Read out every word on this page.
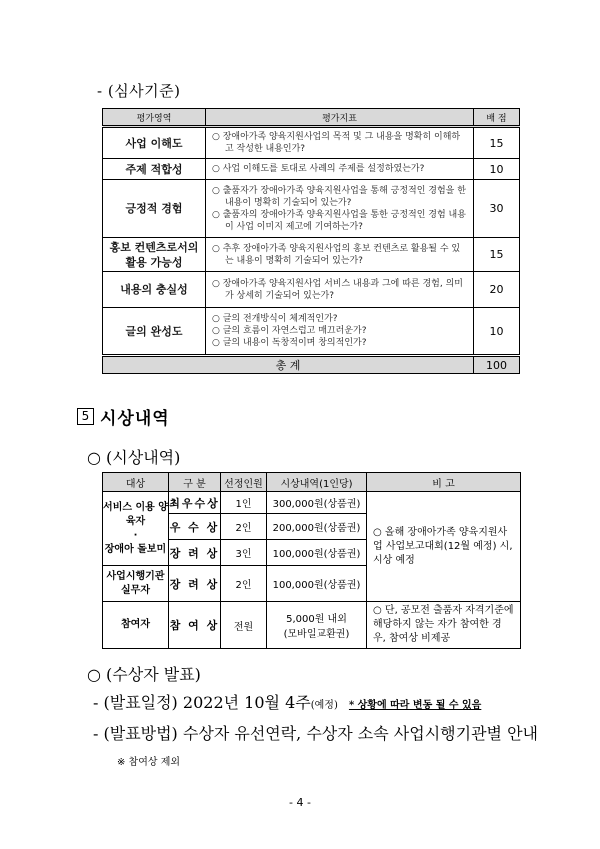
- (심사기준)
평가영역	평가지표	배 점
사업 이해도	○ 장애아가족 양육지원사업의 목적 및 그 내용을 명확히 이해하고 작성한 내용인가?	15
주제 적합성	○ 사업 이해도를 토대로 사례의 주제를 설정하였는가?	10
긍정적 경험	○ 출품자가 장애아가족 양육지원사업을 통해 긍정적인 경험을 한 내용이 명확히 기술되어 있는가?
○ 출품자의 장애아가족 양육지원사업을 통한 긍정적인 경험 내용이 사업 이미지 제고에 기여하는가?	30
홍보 컨텐츠로서의 활용 가능성	○ 추후 장애아가족 양육지원사업의 홍보 컨텐츠로 활용될 수 있는 내용이 명확히 기술되어 있는가?	15
내용의 충실성	○ 장애아가족 양육지원사업 서비스 내용과 그에 따른 경험, 의미가 상세히 기술되어 있는가?	20
글의 완성도	○ 글의 전개방식이 체계적인가?
○ 글의 흐름이 자연스럽고 매끄러운가?
○ 글의 내용이 독창적이며 창의적인가?	10
총 계		100
5 시상내역
○ (시상내역)
대상	구 분	선정인원	시상내역(1인당)	비 고

서비스 이용 양육자
·
장애아 돌보미	최우수상	1인	300,000원(상품권)	○ 올해 장애아가족 양육지원사업 사업보고대회(12월 예정) 시, 시상 예정
	우 수 상	2인	200,000원(상품권)	
	장 려 상	3인	100,000원(상품권)	

사업시행기관
실무자	장 려 상	2인	100,000원(상품권)	

참여자	참 여 상	전원	5,000원 내외
(모바일교환권)	○ 단, 공모전 출품자 자격기준에 해당하지 않는 자가 참여한 경우, 참여상 비제공
○ (수상자 발표)
- (발표일정) 2022년 10월 4주(예정) * 상황에 따라 변동 될 수 있음
- (발표방법) 수상자 유선연락, 수상자 소속 사업시행기관별 안내
※ 참여상 제외
- 4 -
